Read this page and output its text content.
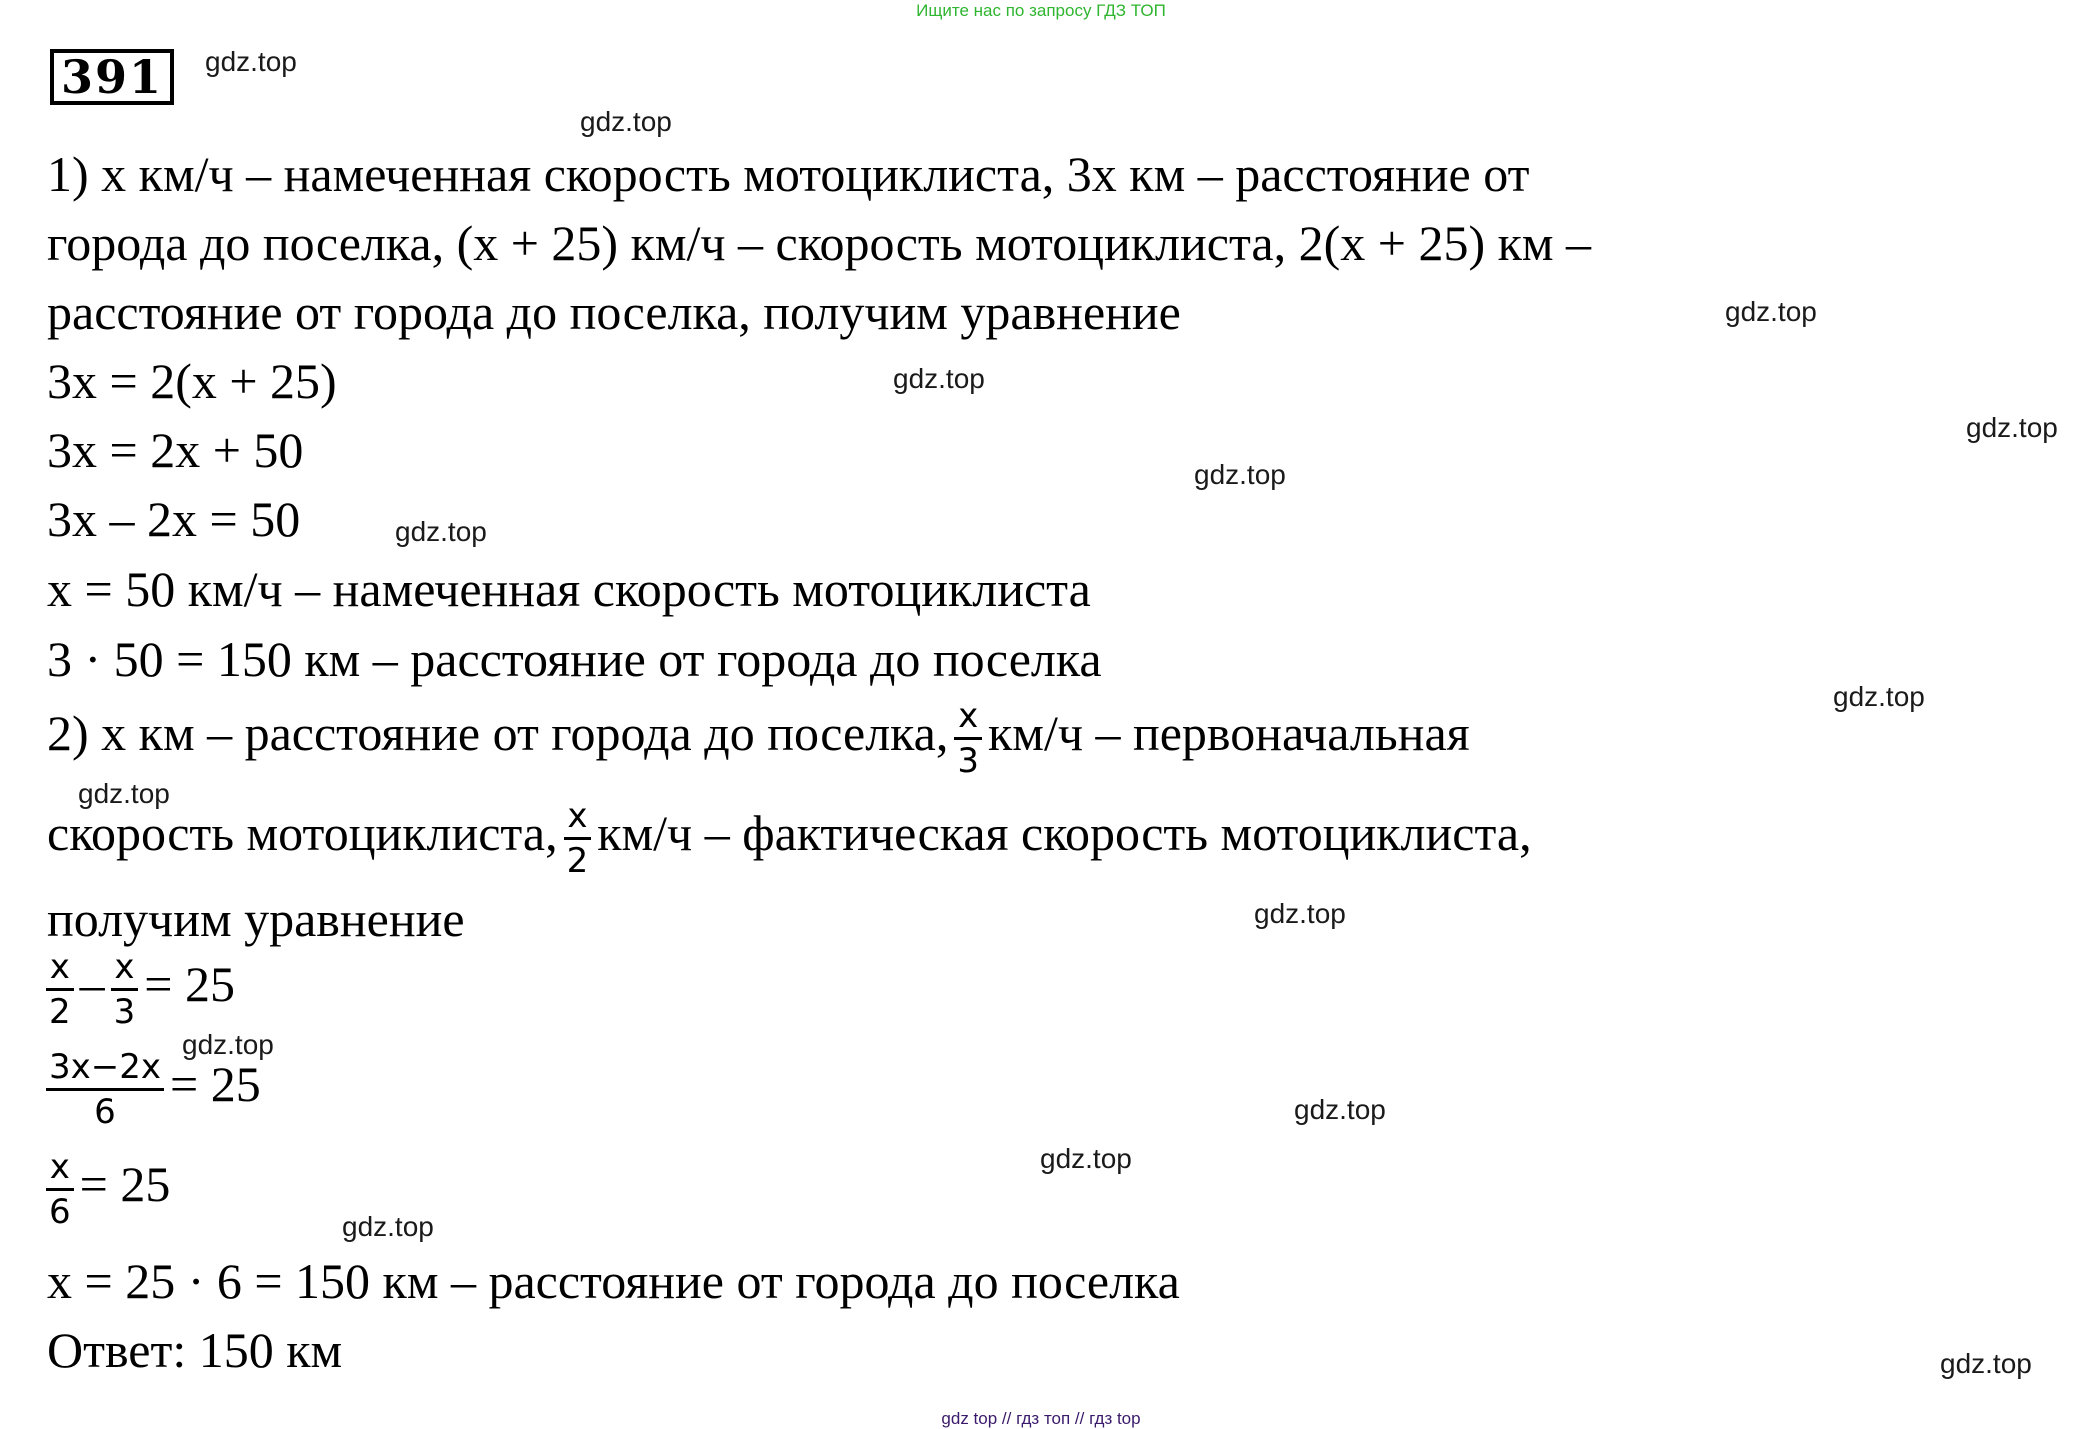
Ищите нас по запросу ГДЗ ТОП
391	gdz.top
gdz.top
gdz.top
gdz.top
gdz.top
gdz.top
gdz.top
gdz.top
gdz.top
gdz.top
gdz.top
gdz.top
gdz.top
gdz.top
gdz.top
1) x км/ч – намеченная скорость мотоциклиста, 3x км – расстояние от
города до поселка, (x + 25) км/ч – скорость мотоциклиста, 2(x + 25) км –
расстояние от города до поселка, получим уравнение
3x = 2(x + 25)
3x = 2x + 50
3x – 2x = 50
x = 50 км/ч – намеченная скорость мотоциклиста
3 · 50 = 150 км – расстояние от города до поселка
2) x км – расстояние от города до поселка, $\frac{x}{3} км/ч$ – первоначальная
скорость мотоциклиста, $\frac{x}{2} км/ч$ – фактическая скорость мотоциклиста,
получим уравнение
$\frac{x}{2} - \frac{x}{3} = 25$
$\frac{3x-2x}{6} = 25$
$\frac{x}{6} = 25$
x = 25 · 6 = 150 км – расстояние от города до поселка
Ответ: 150 км
gdz top // гдз топ // гдз top
